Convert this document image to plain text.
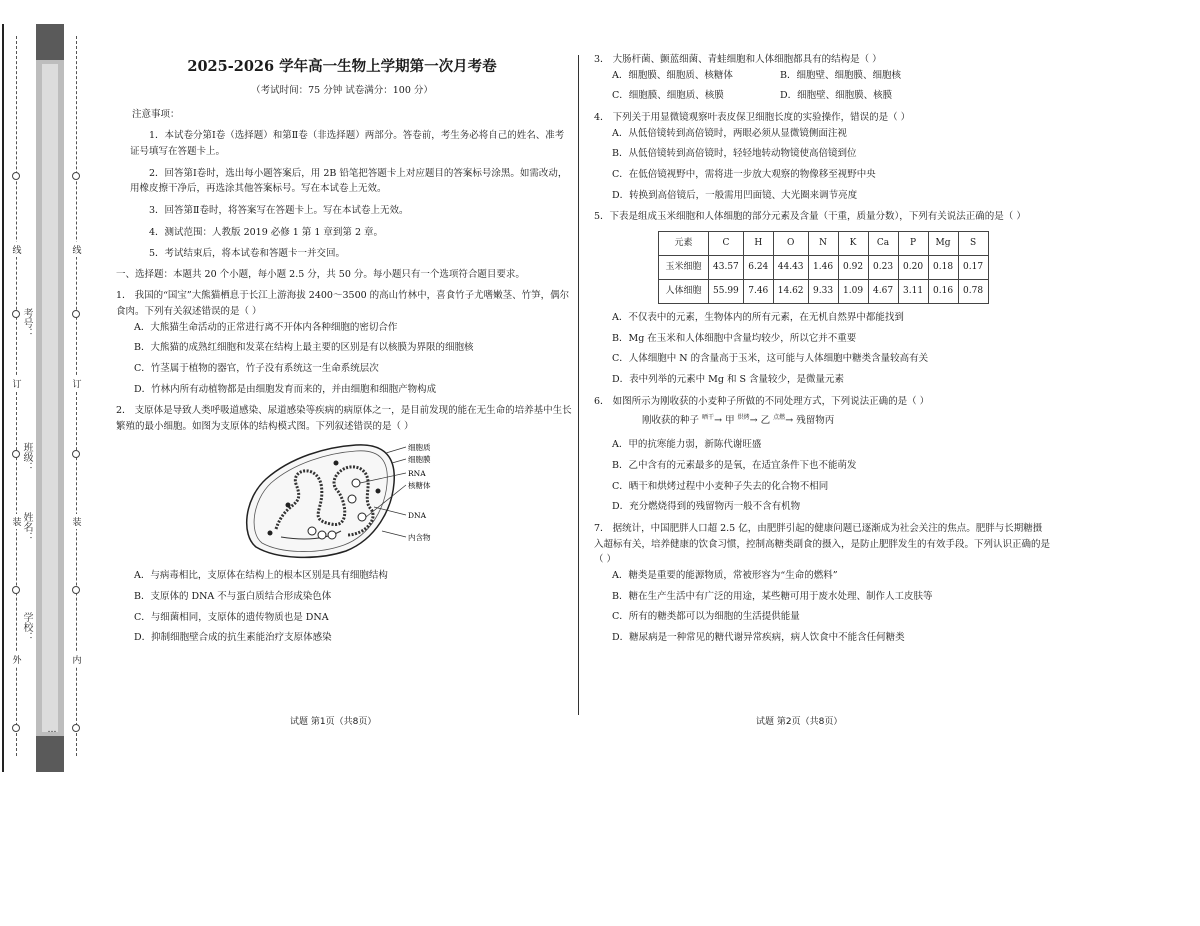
线
订
装
外
学校：
班级：
姓名：
考号：
…
线
订
装
内
2025-2026 学年高一生物上学期第一次月考卷
（考试时间：75 分钟 试卷满分：100 分）
注意事项：
1．本试卷分第Ⅰ卷（选择题）和第Ⅱ卷（非选择题）两部分。答卷前，考生务必将自己的姓名、准考证号填写在答题卡上。
2．回答第Ⅰ卷时，选出每小题答案后，用 2B 铅笔把答题卡上对应题目的答案标号涂黑。如需改动，用橡皮擦干净后，再选涂其他答案标号。写在本试卷上无效。
3．回答第Ⅱ卷时，将答案写在答题卡上。写在本试卷上无效。
4．测试范围：人教版 2019 必修 1 第 1 章到第 2 章。
5．考试结束后，将本试卷和答题卡一并交回。
一、选择题：本题共 20 个小题，每小题 2.5 分，共 50 分。每小题只有一个选项符合题目要求。
1． 我国的“国宝”大熊猫栖息于长江上游海拔 2400～3500 的高山竹林中，喜食竹子尤嗜嫩茎、竹笋，偶尔食肉。下列有关叙述错误的是（ ）
A．大熊猫生命活动的正常进行离不开体内各种细胞的密切合作
B．大熊猫的成熟红细胞和发菜在结构上最主要的区别是有以核膜为界限的细胞核
C．竹茎属于植物的器官，竹子没有系统这一生命系统层次
D．竹林内所有动植物都是由细胞发育而来的，并由细胞和细胞产物构成
2． 支原体是导致人类呼吸道感染、尿道感染等疾病的病原体之一，是目前发现的能在无生命的培养基中生长繁殖的最小细胞。如图为支原体的结构模式图。下列叙述错误的是（ ）
细胞质
细胞膜
RNA
核糖体
DNA
内含物
A．与病毒相比，支原体在结构上的根本区别是具有细胞结构
B．支原体的 DNA 不与蛋白质结合形成染色体
C．与细菌相同，支原体的遗传物质也是 DNA
D．抑制细胞壁合成的抗生素能治疗支原体感染
试题 第1页（共8页）
3． 大肠杆菌、颤蓝细菌、青蛙细胞和人体细胞都具有的结构是（ ）
A．细胞膜、细胞质、核糖体	B．细胞壁、细胞膜、细胞核
C．细胞膜、细胞质、核膜	D．细胞壁、细胞膜、核膜
4． 下列关于用显微镜观察叶表皮保卫细胞长度的实验操作，错误的是（ ）
A．从低倍镜转到高倍镜时，两眼必须从显微镜侧面注视
B．从低倍镜转到高倍镜时，轻轻地转动物镜使高倍镜到位
C．在低倍镜视野中，需将进一步放大观察的物像移至视野中央
D．转换到高倍镜后，一般需用凹面镜、大光圈来调节亮度
5．下表是组成玉米细胞和人体细胞的部分元素及含量（干重，质量分数），下列有关说法正确的是（ ）
元素	C	H	O	N	K	Ca	P	Mg	S
玉米细胞	43.57	6.24	44.43	1.46	0.92	0.23	0.20	0.18	0.17
人体细胞	55.99	7.46	14.62	9.33	1.09	4.67	3.11	0.16	0.78
A．不仅表中的元素，生物体内的所有元素，在无机自然界中都能找到
B．Mg 在玉米和人体细胞中含量均较少，所以它并不重要
C．人体细胞中 N 的含量高于玉米，这可能与人体细胞中糖类含量较高有关
D．表中列举的元素中 Mg 和 S 含量较少，是微量元素
6． 如图所示为刚收获的小麦种子所做的不同处理方式，下列说法正确的是（ ）
刚收获的种子 $^{晒干}$→ 甲 $^{烘烤}$→ 乙 $^{点燃}$→ 残留物丙
A．甲的抗寒能力弱，新陈代谢旺盛
B．乙中含有的元素最多的是氧，在适宜条件下也不能萌发
C．晒干和烘烤过程中小麦种子失去的化合物不相同
D．充分燃烧得到的残留物丙一般不含有机物
7． 据统计，中国肥胖人口超 2.5 亿，由肥胖引起的健康问题已逐渐成为社会关注的焦点。肥胖与长期糖摄入超标有关，培养健康的饮食习惯，控制高糖类副食的摄入，是防止肥胖发生的有效手段。下列认识正确的是（ ）
A．糖类是重要的能源物质，常被形容为“生命的燃料”
B．糖在生产生活中有广泛的用途，某些糖可用于废水处理、制作人工皮肤等
C．所有的糖类都可以为细胞的生活提供能量
D．糖尿病是一种常见的糖代谢异常疾病，病人饮食中不能含任何糖类
试题 第2页（共8页）
